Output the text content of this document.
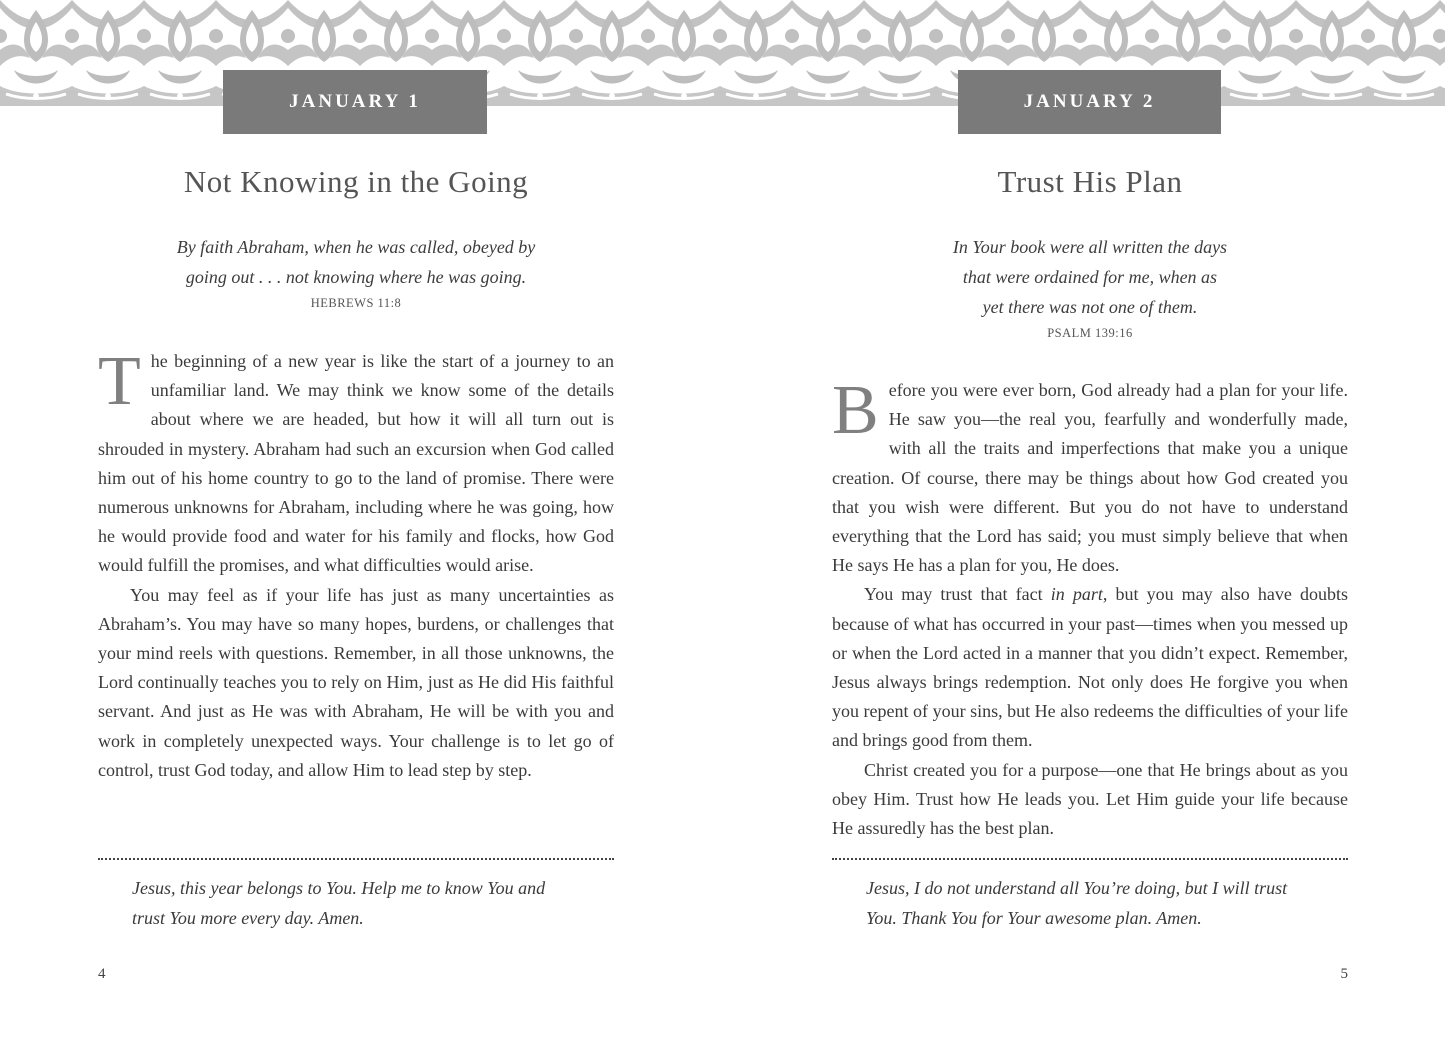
JANUARY 1
Not Knowing in the Going
By faith Abraham, when he was called, obeyed by
going out . . . not knowing where he was going.
HEBREWS 11:8

The beginning of a new year is like the start of a journey to an unfamiliar land. We may think we know some of the details about where we are headed, but how it will all turn out is shrouded in mystery. Abraham had such an excursion when God called him out of his home country to go to the land of promise. There were numerous unknowns for Abraham, including where he was going, how he would provide food and water for his family and flocks, how God would fulfill the promises, and what difficulties would arise.

You may feel as if your life has just as many uncertainties as Abraham’s. You may have so many hopes, burdens, or challenges that your mind reels with questions. Remember, in all those unknowns, the Lord continually teaches you to rely on Him, just as He did His faithful servant. And just as He was with Abraham, He will be with you and work in completely unexpected ways. Your challenge is to let go of control, trust God today, and allow Him to lead step by step.

Jesus, this year belongs to You. Help me to know You and
trust You more every day. Amen.
4
JANUARY 2
Trust His Plan
In Your book were all written the days
that were ordained for me, when as
yet there was not one of them.
PSALM 139:16

Before you were ever born, God already had a plan for your life. He saw you—the real you, fearfully and wonderfully made, with all the traits and imperfections that make you a unique creation. Of course, there may be things about how God created you that you wish were different. But you do not have to understand everything that the Lord has said; you must simply believe that when He says He has a plan for you, He does.

You may trust that fact in part, but you may also have doubts because of what has occurred in your past—times when you messed up or when the Lord acted in a manner that you didn’t expect. Remember, Jesus always brings redemption. Not only does He forgive you when you repent of your sins, but He also redeems the difficulties of your life and brings good from them.

Christ created you for a purpose—one that He brings about as you obey Him. Trust how He leads you. Let Him guide your life because He assuredly has the best plan.

Jesus, I do not understand all You’re doing, but I will trust
You. Thank You for Your awesome plan. Amen.
5
